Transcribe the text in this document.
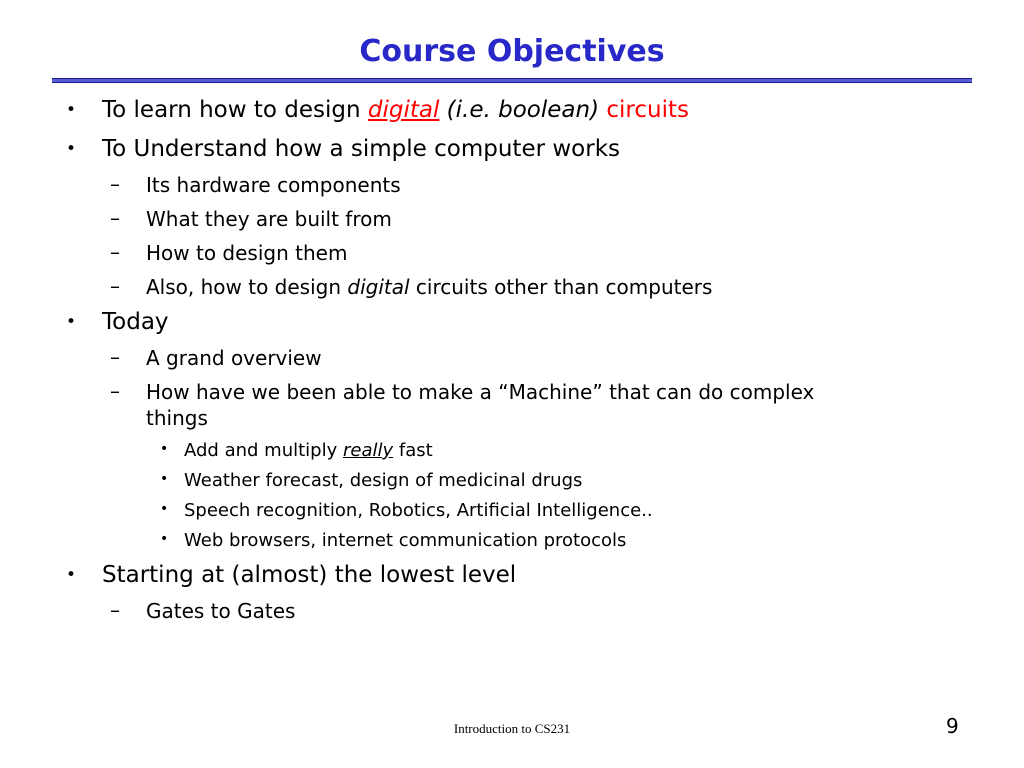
Course Objectives
• To learn how to design digital (i.e. boolean) circuits
• To Understand how a simple computer works
– Its hardware components
– What they are built from
– How to design them
– Also, how to design digital circuits other than computers
• Today
– A grand overview
– How have we been able to make a “Machine” that can do complex
things
• Add and multiply really fast
• Weather forecast, design of medicinal drugs
• Speech recognition, Robotics, Artificial Intelligence..
• Web browsers, internet communication protocols
• Starting at (almost) the lowest level
– Gates to Gates
Introduction to CS231	9
